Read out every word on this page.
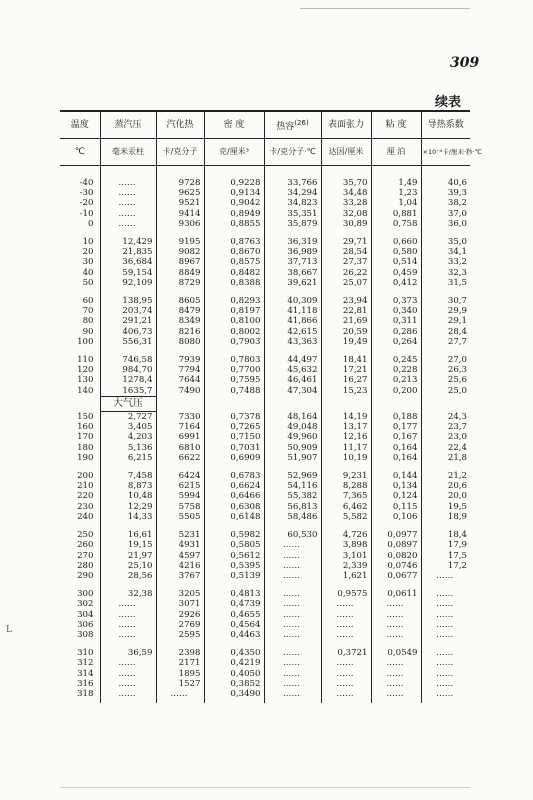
309
续表
L
温度	蒸汽压	汽化热	密 度	热容$^{(26)}$	表面张力	粘 度	导热系数
℃	毫米汞柱	卡/克分子	克/厘米³	卡/克分子·℃	达因/厘米	厘 泊	×10⁻⁴卡/厘米·秒·℃
-40	……	9728	0,9228	33,766	35,70	1,49	40,6
-30	……	9625	0,9134	34,294	34,48	1,23	39,3
-20	……	9521	0,9042	34,823	33,28	1,04	38,2
-10	……	9414	0,8949	35,351	32,08	0,881	37,0
0	……	9306	0,8855	35,879	30,89	0,758	36,0
10	12,429	9195	0,8763	36,319	29,71	0,660	35,0
20	21,835	9082	0,8670	36,989	28,54	0,580	34,1
30	36,684	8967	0,8575	37,713	27,37	0,514	33,2
40	59,154	8849	0,8482	38,667	26,22	0,459	32,3
50	92,109	8729	0,8388	39,621	25,07	0,412	31,5
60	138,95	8605	0,8293	40,309	23,94	0,373	30,7
70	203,74	8479	0,8197	41,118	22,81	0,340	29,9
80	291,21	8349	0,8100	41,866	21,69	0,311	29,1
90	406,73	8216	0,8002	42,615	20,59	0,286	28,4
100	556,31	8080	0,7903	43,363	19,49	0,264	27,7
110	746,58	7939	0,7803	44,497	18,41	0,245	27,0
120	984,70	7794	0,7700	45,632	17,21	0,228	26,3
130	1278,4	7644	0,7595	46,461	16,27	0,213	25,6
140	1635,7	7490	0,7488	47,304	15,23	0,200	25,0
	大气压						
150	2,727	7330	0,7378	48,164	14,19	0,188	24,3
160	3,405	7164	0,7265	49,048	13,17	0,177	23,7
170	4,203	6991	0,7150	49,960	12,16	0,167	23,0
180	5,136	6810	0,7031	50,909	11,17	0,164	22,4
190	6,215	6622	0,6909	51,907	10,19	0,164	21,8
200	7,458	6424	0,6783	52,969	9,231	0,144	21,2
210	8,873	6215	0,6624	54,116	8,288	0,134	20,6
220	10,48	5994	0,6466	55,382	7,365	0,124	20,0
230	12,29	5758	0,6308	56,813	6,462	0,115	19,5
240	14,33	5505	0,6148	58,486	5,582	0,106	18,9
250	16,61	5231	0,5982	60,530	4,726	0,0977	18,4
260	19,15	4931	0,5805	……	3,898	0,0897	17,9
270	21,97	4597	0,5612	……	3,101	0,0820	17,5
280	25,10	4216	0,5395	……	2,339	0,0746	17,2
290	28,56	3767	0,5139	……	1,621	0,0677	……
300	32,38	3205	0,4813	……	0,9575	0,0611	……
302	……	3071	0,4739	……	……	……	……
304	……	2926	0,4655	……	……	……	……
306	……	2769	0,4564	……	……	……	……
308	……	2595	0,4463	……	……	……	……
310	36,59	2398	0,4350	……	0,3721	0,0549	……
312	……	2171	0,4219	……	……	……	……
314	……	1895	0,4050	……	……	……	……
316	……	1527	0,3852	……	……	……	……
318	……	……	0,3490	……	……	……	……
